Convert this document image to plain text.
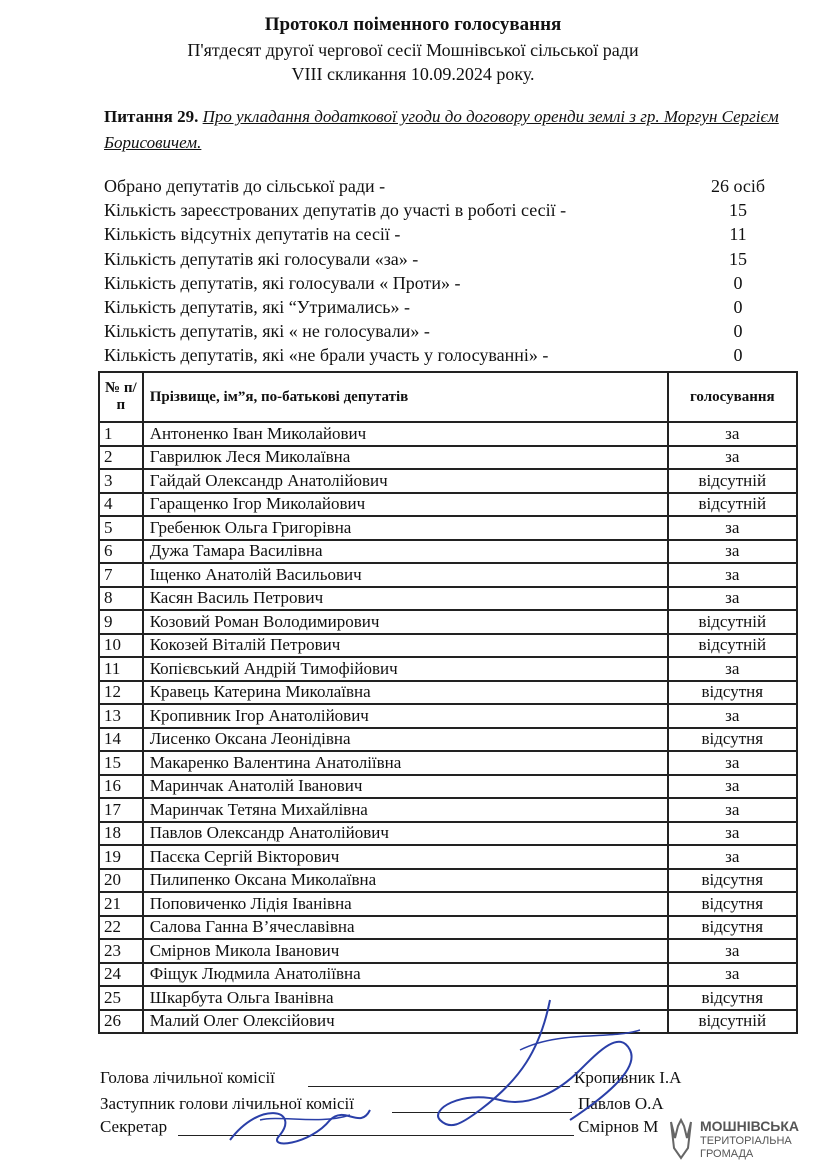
Протокол поіменного голосування
П'ятдесят другої чергової сесії Мошнівської сільської ради
VIII скликання 10.09.2024 року.
Питання 29. Про укладання додаткової угоди до договору оренди землі з гр. Моргун Сергієм Борисовичем.
Обрано депутатів до сільської ради -	26 осіб
Кількість зареєстрованих депутатів до участі в роботі сесії -	15
Кількість відсутніх депутатів на сесії -	11
Кількість депутатів які голосували «за» -	15
Кількість депутатів, які голосували « Проти» -	0
Кількість депутатів, які “Утримались» -	0
Кількість депутатів, які « не голосували» -	0
Кількість депутатів, які «не брали участь у голосуванні» -	0
№ п/п	Прізвище, ім”я, по-батькові депутатів	голосування
1	Антоненко Іван Миколайович	за
2	Гаврилюк Леся Миколаївна	за
3	Гайдай Олександр Анатолійович	відсутній
4	Гаращенко Ігор Миколайович	відсутній
5	Гребенюк Ольга Григорівна	за
6	Дужа Тамара Василівна	за
7	Іщенко Анатолій Васильович	за
8	Касян Василь Петрович	за
9	Козовий Роман Володимирович	відсутній
10	Кокозей Віталій Петрович	відсутній
11	Копієвський Андрій Тимофійович	за
12	Кравець Катерина Миколаївна	відсутня
13	Кропивник Ігор Анатолійович	за
14	Лисенко Оксана Леонідівна	відсутня
15	Макаренко Валентина Анатоліївна	за
16	Маринчак Анатолій Іванович	за
17	Маринчак Тетяна Михайлівна	за
18	Павлов Олександр Анатолійович	за
19	Пасєка Сергій Вікторович	за
20	Пилипенко Оксана Миколаївна	відсутня
21	Поповиченко Лідія Іванівна	відсутня
22	Салова Ганна В’ячеславівна	відсутня
23	Смірнов Микола Іванович	за
24	Фіщук Людмила Анатоліївна	за
25	Шкарбута Ольга Іванівна	відсутня
26	Малий Олег Олексійович	відсутній
Голова лічильної комісії	Кропивник І.А
Заступник голови лічильної комісії	Павлов О.А
Секретар	Смірнов М	МОШНІВСЬКА
ТЕРИТОРІАЛЬНА
ГРОМАДА
